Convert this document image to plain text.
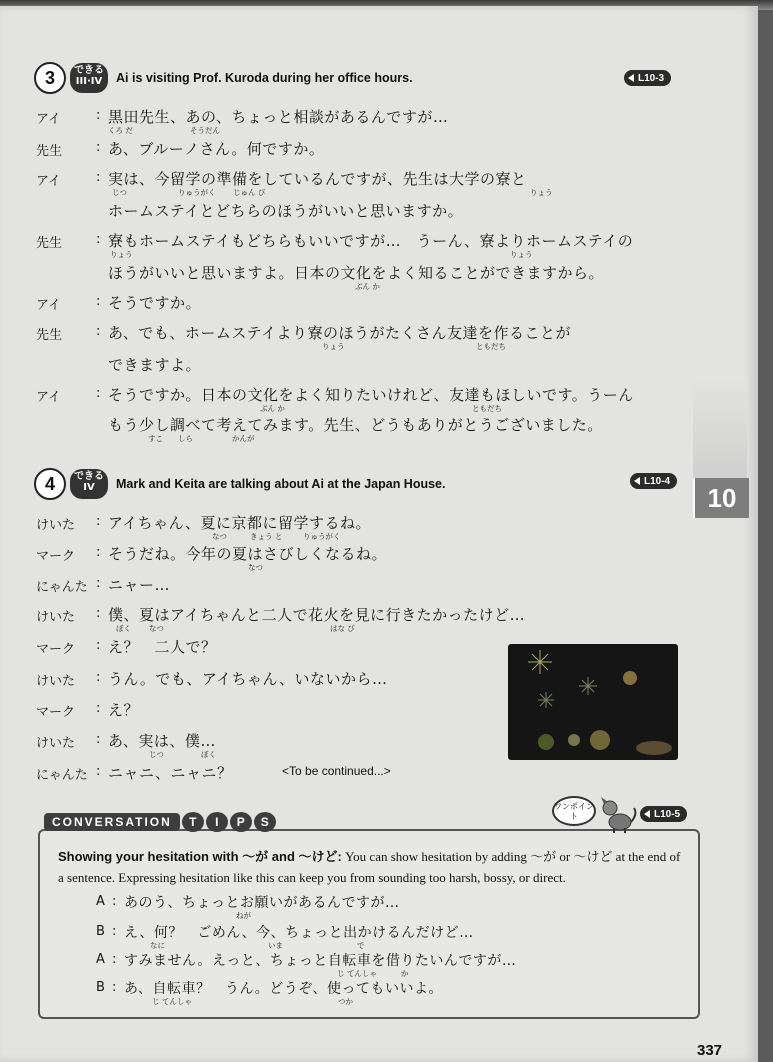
3	できる
III·IV	Ai is visiting Prof. Kuroda during her office hours.	L10-3
アイ	: 黒田先生、あの、ちょっと相談があるんですが…
くろ だ	そうだん
先生	: あ、ブルーノさん。何ですか。
アイ	: 実は、今留学の準備をしているんですが、先生は大学の寮と
じつ	りゅうがく じゅん び	りょう
ホームステイとどちらのほうがいいと思いますか。
先生	: 寮もホームステイもどちらもいいですが…　うーん、寮よりホームステイの
りょう	りょう
ほうがいいと思いますよ。日本の文化をよく知ることができますから。
ぶん か
アイ	: そうですか。
先生	: あ、でも、ホームステイより寮のほうがたくさん友達を作ることが
りょう	ともだち
できますよ。
アイ	: そうですか。日本の文化をよく知りたいけれど、友達もほしいです。うーん
ぶん か	ともだち
もう少し調べて考えてみます。先生、どうもありがとうございました。
すこ しら	かんが
4	できる
IV	Mark and Keita are talking about Ai at the Japan House.	L10-4
10
けいた : アイちゃん、夏に京都に留学するね。
なつ	きょう と	りゅうがく
マーク : そうだね。今年の夏はさびしくなるね。
なつ
にゃんた : ニャー…
けいた : 僕、夏はアイちゃんと二人で花火を見に行きたかったけど…
ぼく なつ	はな び
マーク : え？　二人で？
けいた : うん。でも、アイちゃん、いないから…
マーク : え？
けいた : あ、実は、僕…
じつ	ぼく
にゃんた : ニャニ、ニャニ？	<To be continued...>
CONVERSATION	T	I	P	S
ワンポイント	L10-5
Showing your hesitation with ～が and ～けど: You can show hesitation by adding ～が or ～けど at the end of a sentence. Expressing hesitation like this can keep you from sounding too harsh, bossy, or direct.
A : あのう、ちょっとお願いがあるんですが…
ねが
B : え、何？　ごめん、今、ちょっと出かけるんだけど…
なに	いま	で
A : すみません。えっと、ちょっと自転車を借りたいんですが…
じ てんしゃ	か
B : あ、自転車？　うん。どうぞ、使ってもいいよ。
じ てんしゃ	つか
337
